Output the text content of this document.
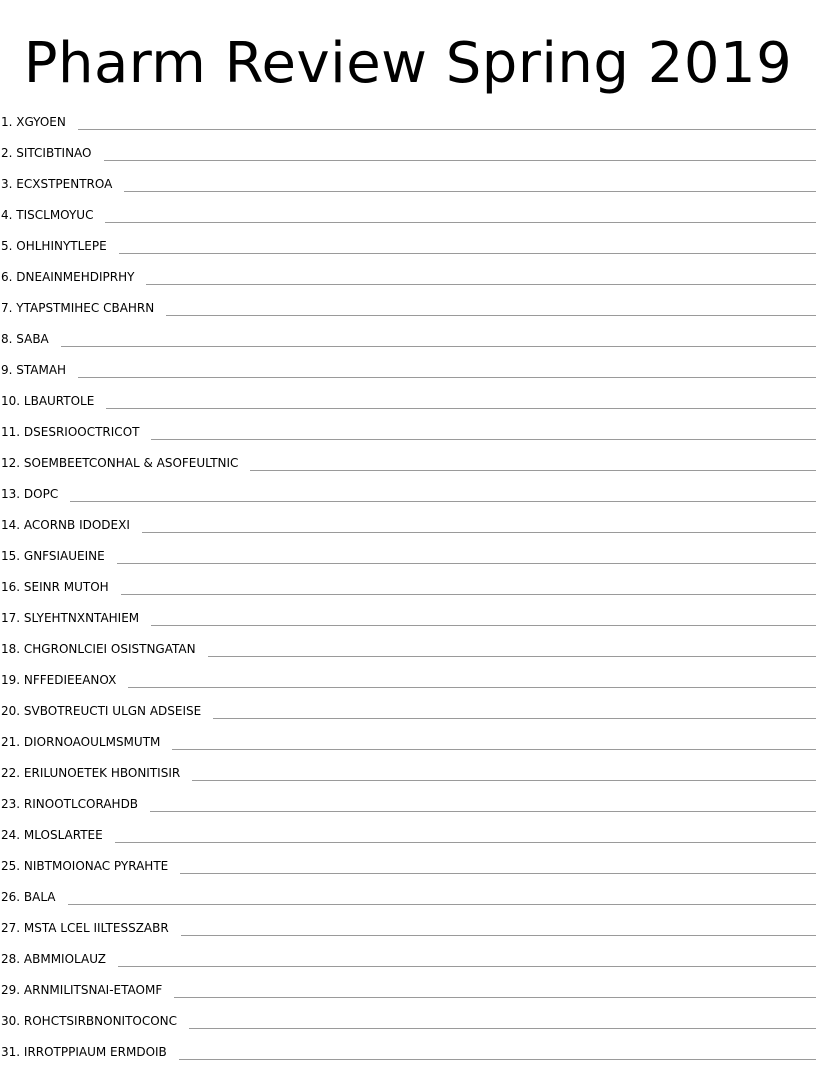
Pharm Review Spring 2019
1. XGYOEN
2. SITCIBTINAO
3. ECXSTPENTROA
4. TISCLMOYUC
5. OHLHINYTLEPE
6. DNEAINMEHDIPRHY
7. YTAPSTMIHEC CBAHRN
8. SABA
9. STAMAH
10. LBAURTOLE
11. DSESRIOOCTRICOT
12. SOEMBEETCONHAL & ASOFEULTNIC
13. DOPC
14. ACORNB IDODEXI
15. GNFSIAUEINE
16. SEINR MUTOH
17. SLYEHTNXNTAHIEM
18. CHGRONLCIEI OSISTNGATAN
19. NFFEDIEEANOX
20. SVBOTREUCTI ULGN ADSEISE
21. DIORNOAOULMSMUTM
22. ERILUNOETEK HBONITISIR
23. RINOOTLCORAHDB
24. MLOSLARTEE
25. NIBTMOIONAC PYRAHTE
26. BALA
27. MSTA LCEL IILTESSZABR
28. ABMMIOLAUZ
29. ARNMILITSNAI-ETAOMF
30. ROHCTSIRBNONITOCONC
31. IRROTPPIAUM ERMDOIB
